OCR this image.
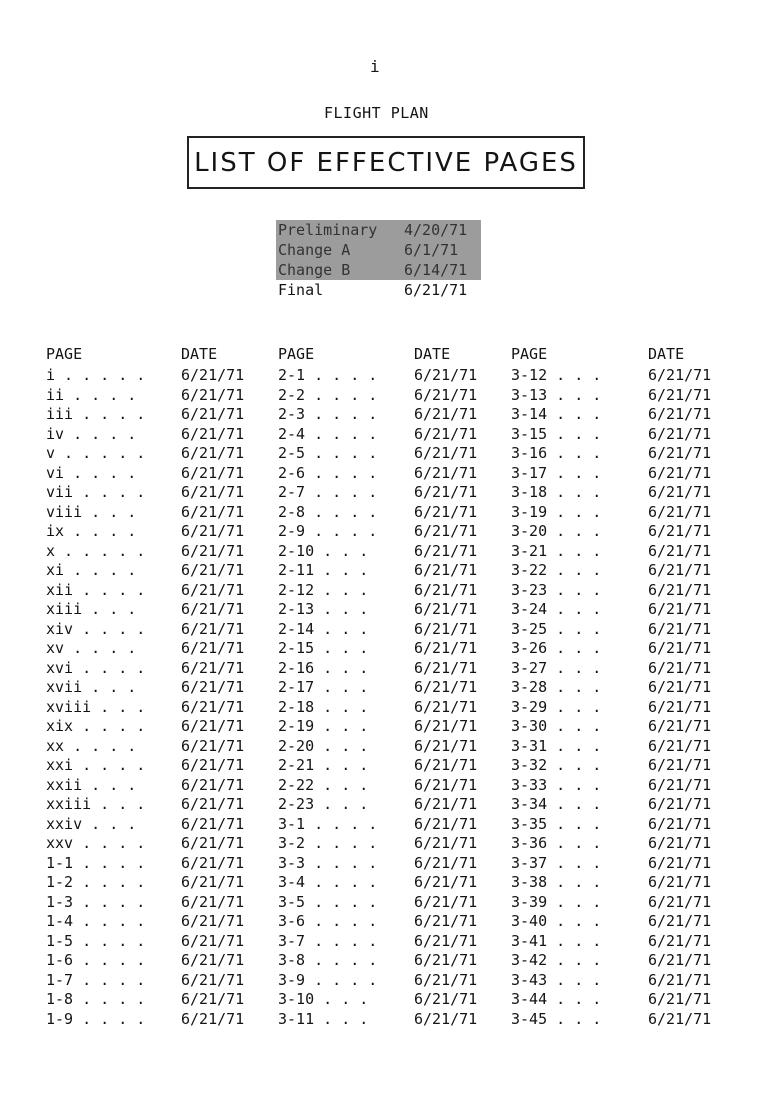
i
FLIGHT PLAN
LIST OF EFFECTIVE PAGES
Preliminary	4/20/71
Change A	6/1/71
Change B	6/14/71
Final	6/21/71
PAGE	DATE	PAGE	DATE	PAGE	DATE
i . . . . . 6/21/71 2-1 . . . . 6/21/71 3-12 . . .	6/21/71
ii . . . .	6/21/71 2-2 . . . . 6/21/71 3-13 . . .	6/21/71
iii . . . . 6/21/71 2-3 . . . . 6/21/71 3-14 . . .	6/21/71
iv . . . .	6/21/71 2-4 . . . . 6/21/71 3-15 . . .	6/21/71
v . . . . . 6/21/71 2-5 . . . . 6/21/71 3-16 . . .	6/21/71
vi . . . .	6/21/71 2-6 . . . . 6/21/71 3-17 . . .	6/21/71
vii . . . . 6/21/71 2-7 . . . . 6/21/71 3-18 . . .	6/21/71
viii . . .	6/21/71 2-8 . . . . 6/21/71 3-19 . . .	6/21/71
ix . . . .	6/21/71 2-9 . . . . 6/21/71 3-20 . . .	6/21/71
x . . . . . 6/21/71 2-10 . . .	6/21/71 3-21 . . .	6/21/71
xi . . . .	6/21/71 2-11 . . .	6/21/71 3-22 . . .	6/21/71
xii . . . . 6/21/71 2-12 . . .	6/21/71 3-23 . . .	6/21/71
xiii . . .	6/21/71 2-13 . . .	6/21/71 3-24 . . .	6/21/71
xiv . . . . 6/21/71 2-14 . . .	6/21/71 3-25 . . .	6/21/71
xv . . . .	6/21/71 2-15 . . .	6/21/71 3-26 . . .	6/21/71
xvi . . . . 6/21/71 2-16 . . .	6/21/71 3-27 . . .	6/21/71
xvii . . .	6/21/71 2-17 . . .	6/21/71 3-28 . . .	6/21/71
xviii . . . 6/21/71 2-18 . . .	6/21/71 3-29 . . .	6/21/71
xix . . . . 6/21/71 2-19 . . .	6/21/71 3-30 . . .	6/21/71
xx . . . .	6/21/71 2-20 . . .	6/21/71 3-31 . . .	6/21/71
xxi . . . . 6/21/71 2-21 . . .	6/21/71 3-32 . . .	6/21/71
xxii . . .	6/21/71 2-22 . . .	6/21/71 3-33 . . .	6/21/71
xxiii . . . 6/21/71 2-23 . . .	6/21/71 3-34 . . .	6/21/71
xxiv . . .	6/21/71 3-1 . . . . 6/21/71 3-35 . . .	6/21/71
xxv . . . . 6/21/71 3-2 . . . . 6/21/71 3-36 . . .	6/21/71
1-1 . . . . 6/21/71 3-3 . . . . 6/21/71 3-37 . . .	6/21/71
1-2 . . . . 6/21/71 3-4 . . . . 6/21/71 3-38 . . .	6/21/71
1-3 . . . . 6/21/71 3-5 . . . . 6/21/71 3-39 . . .	6/21/71
1-4 . . . . 6/21/71 3-6 . . . . 6/21/71 3-40 . . .	6/21/71
1-5 . . . . 6/21/71 3-7 . . . . 6/21/71 3-41 . . .	6/21/71
1-6 . . . . 6/21/71 3-8 . . . . 6/21/71 3-42 . . .	6/21/71
1-7 . . . . 6/21/71 3-9 . . . . 6/21/71 3-43 . . .	6/21/71
1-8 . . . . 6/21/71 3-10 . . .	6/21/71 3-44 . . .	6/21/71
1-9 . . . . 6/21/71 3-11 . . .	6/21/71 3-45 . . .	6/21/71
